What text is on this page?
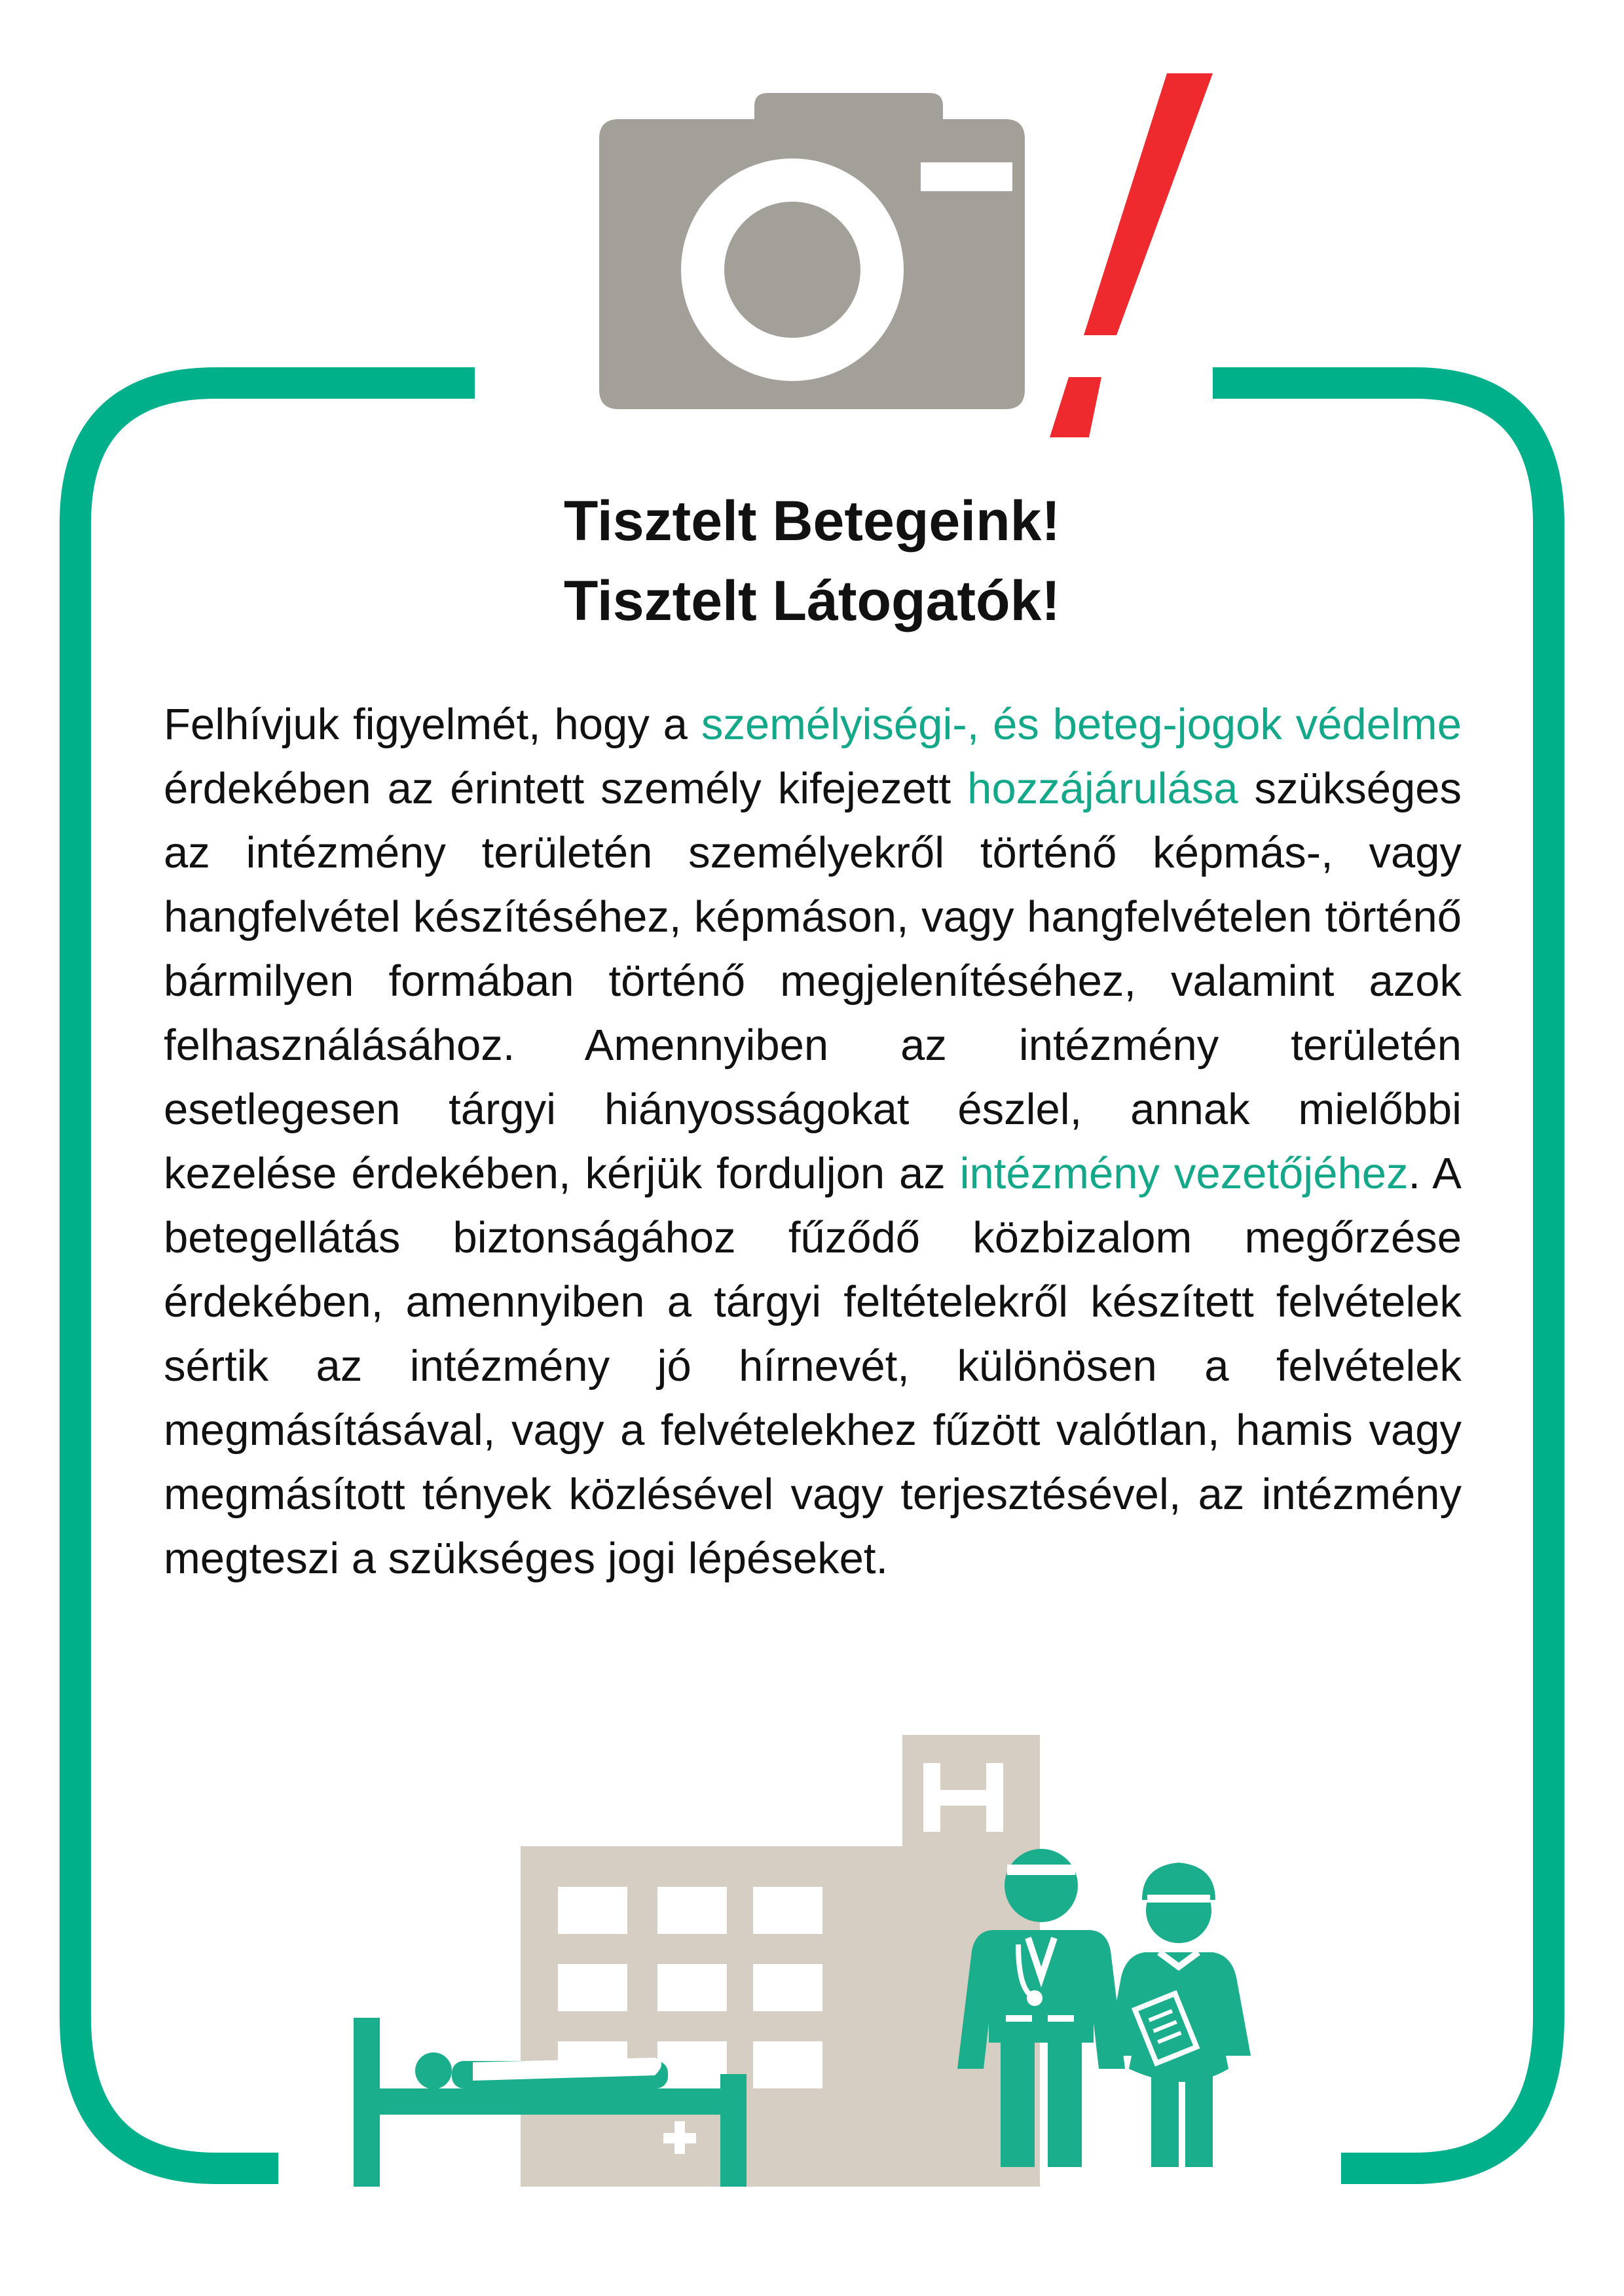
Tisztelt Betegeink!
Tisztelt Látogatók!
Felhívjuk figyelmét, hogy a személyiségi-, és beteg-jogok védelme érdekében az érintett személy kifejezett hozzájárulása szükséges az intézmény területén személyekről történő képmás-, vagy hangfelvétel készítéséhez, képmáson, vagy hangfelvételen történő bármilyen formában történő megjelenítéséhez, valamint azok felhasználásához. Amennyiben az intézmény területén esetlegesen tárgyi hiányosságokat észlel, annak mielőbbi kezelése érdekében, kérjük forduljon az intézmény vezetőjéhez. A betegellátás biztonságához fűződő közbizalom megőrzése érdekében, amennyiben a tárgyi feltételekről készített felvételek sértik az intézmény jó hírnevét, különösen a felvételek megmásításával, vagy a felvételekhez fűzött valótlan, hamis vagy megmásított tények közlésével vagy terjesztésével, az intézmény megteszi a szükséges jogi lépéseket.
